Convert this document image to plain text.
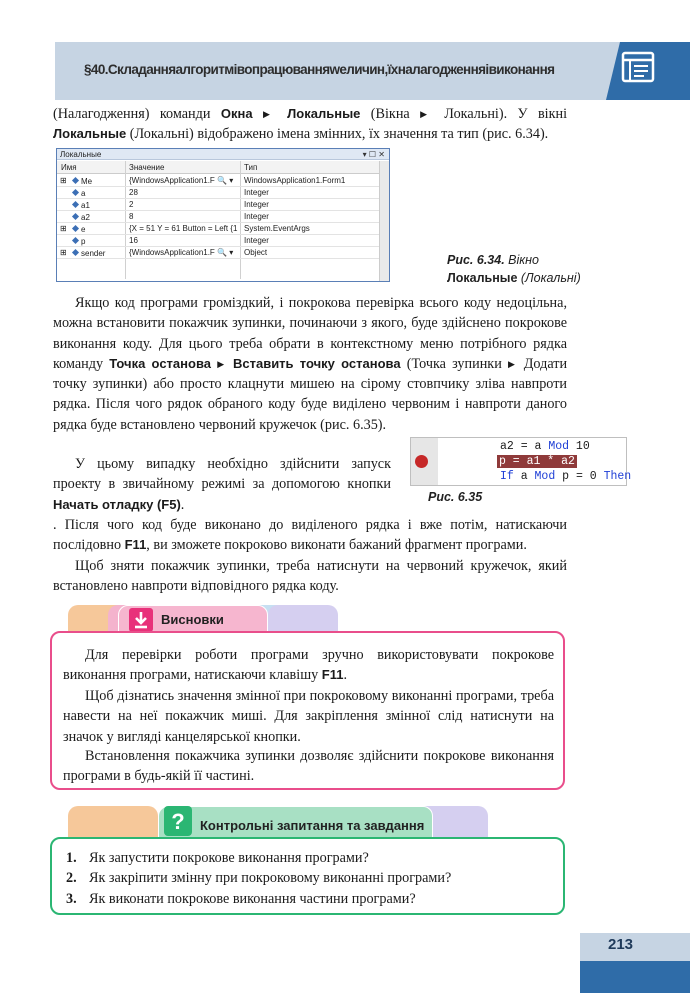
§40.Складанняалгоритмівопрацюванняwеличин,їхналагодженняівиконання
(Налагодження) команди Окна ▶ Локальные (Вікна ▶ Локальні). У вікні Локальные (Локальні) відображено імена змінних, їх значення та тип (рис. 6.34).
Локальные	▾ ☐ ✕
Имя	Значение	Тип
⊞ Me	{WindowsApplication1.F 🔍 ▾	WindowsApplication1.Form1
a	28	Integer
a1	2	Integer
a2	8	Integer
⊞ e	{X = 51 Y = 61 Button = Left {1 System.EventArgs
p	16	Integer
⊞ sender	{WindowsApplication1.F 🔍 ▾	Object
Рис. 6.34. Вікно
Локальные (Локальні)
Якщо код програми громіздкий, і покрокова перевірка всього коду недоцільна, можна встановити покажчик зупинки, починаючи з якого, буде здійснено покрокове виконання коду. Для цього треба обрати в контекстному меню потрібного рядка команду Точка останова ▶ Вставить точку останова (Точка зупинки ▶ Додати точку зупинки) або просто клацнути мишею на сірому стовпчику зліва навпроти рядка. Після чого рядок обраного коду буде виділено червоним і навпроти даного рядка буде встановлено червоний кружечок (рис. 6.35).
a2 = a Mod 10
p = a1 * a2
If a Mod p = 0 Then
Рис. 6.35
У цьому випадку необхідно здійснити запуск проекту в звичайному режимі за допомогою кнопки Начать отладку (F5).
. Після чого код буде виконано до виділеного рядка і вже потім, натискаючи послідовно F11, ви зможете покроково виконати бажаний фрагмент програми.
Щоб зняти покажчик зупинки, треба натиснути на червоний кружечок, який встановлено навпроти відповідного рядка коду.
Висновки
Для перевірки роботи програми зручно використовувати покрокове виконання програми, натискаючи клавішу F11.
Щоб дізнатись значення змінної при покроковому виконанні програми, треба навести на неї покажчик миші. Для закріплення змінної слід натиснути на значок у вигляді канцелярської кнопки.
Встановлення покажчика зупинки дозволяє здійснити покрокове виконання програми в будь-якій її частині.
? Контрольні запитання та завдання
1. Як запустити покрокове виконання програми?
2. Як закріпити змінну при покроковому виконанні програми?
3. Як виконати покрокове виконання частини програми?
213
